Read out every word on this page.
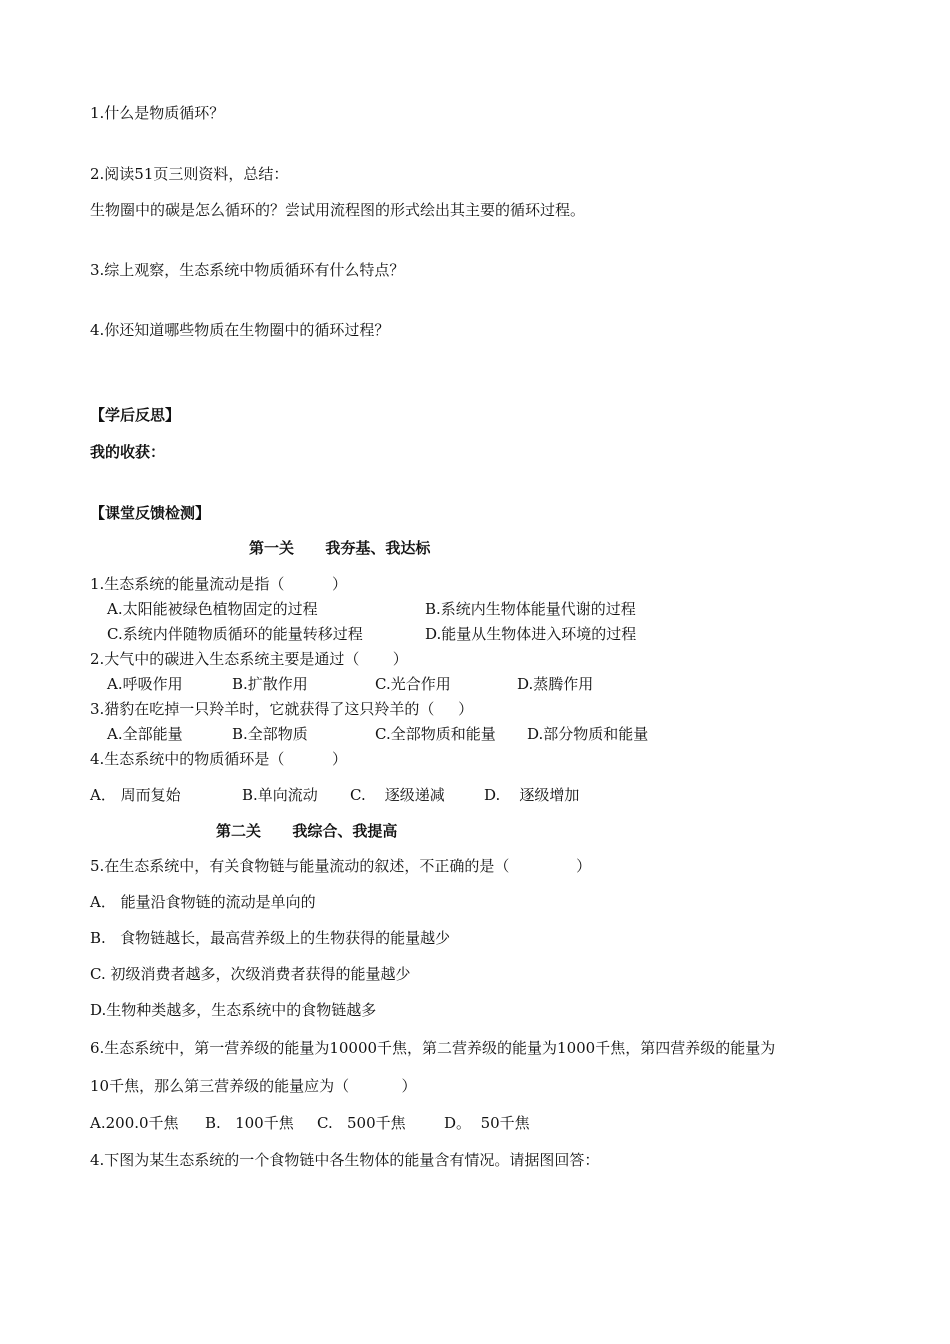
1.什么是物质循环？

2.阅读51页三则资料，总结：

生物圈中的碳是怎么循环的？尝试用流程图的形式绘出其主要的循环过程。

3.综上观察，生态系统中物质循环有什么特点？

4.你还知道哪些物质在生物圈中的循环过程？

【学后反思】

我的收获：

【课堂反馈检测】

第一关      我夯基、我达标

1.生态系统的能量流动是指（          ）

A.太阳能被绿色植物固定的过程	B.系统内生物体能量代谢的过程

C.系统内伴随物质循环的能量转移过程	D.能量从生物体进入环境的过程

2.大气中的碳进入生态系统主要是通过（       ）

A.呼吸作用	B.扩散作用	C.光合作用	D.蒸腾作用

3.猎豹在吃掉一只羚羊时，它就获得了这只羚羊的（     ）

A.全部能量	B.全部物质	C.全部物质和能量 D.部分物质和能量

4.生态系统中的物质循环是（          ）

A． 周而复始	B.单向流动 C.    逐级递减	D.    逐级增加

第二关      我综合、我提高

5.在生态系统中，有关食物链与能量流动的叙述，不正确的是（              ）

A． 能量沿食物链的流动是单向的

B.   食物链越长，最高营养级上的生物获得的能量越少

C. 初级消费者越多，次级消费者获得的能量越少

D.生物种类越多，生态系统中的食物链越多

6.生态系统中，第一营养级的能量为10000千焦，第二营养级的能量为1000千焦，第四营养级的能量为

10千焦，那么第三营养级的能量应为（           ）

A.200.0千焦 B.   100千焦 C.   500千焦	D。  50千焦

4.下图为某生态系统的一个食物链中各生物体的能量含有情况。请据图回答：
